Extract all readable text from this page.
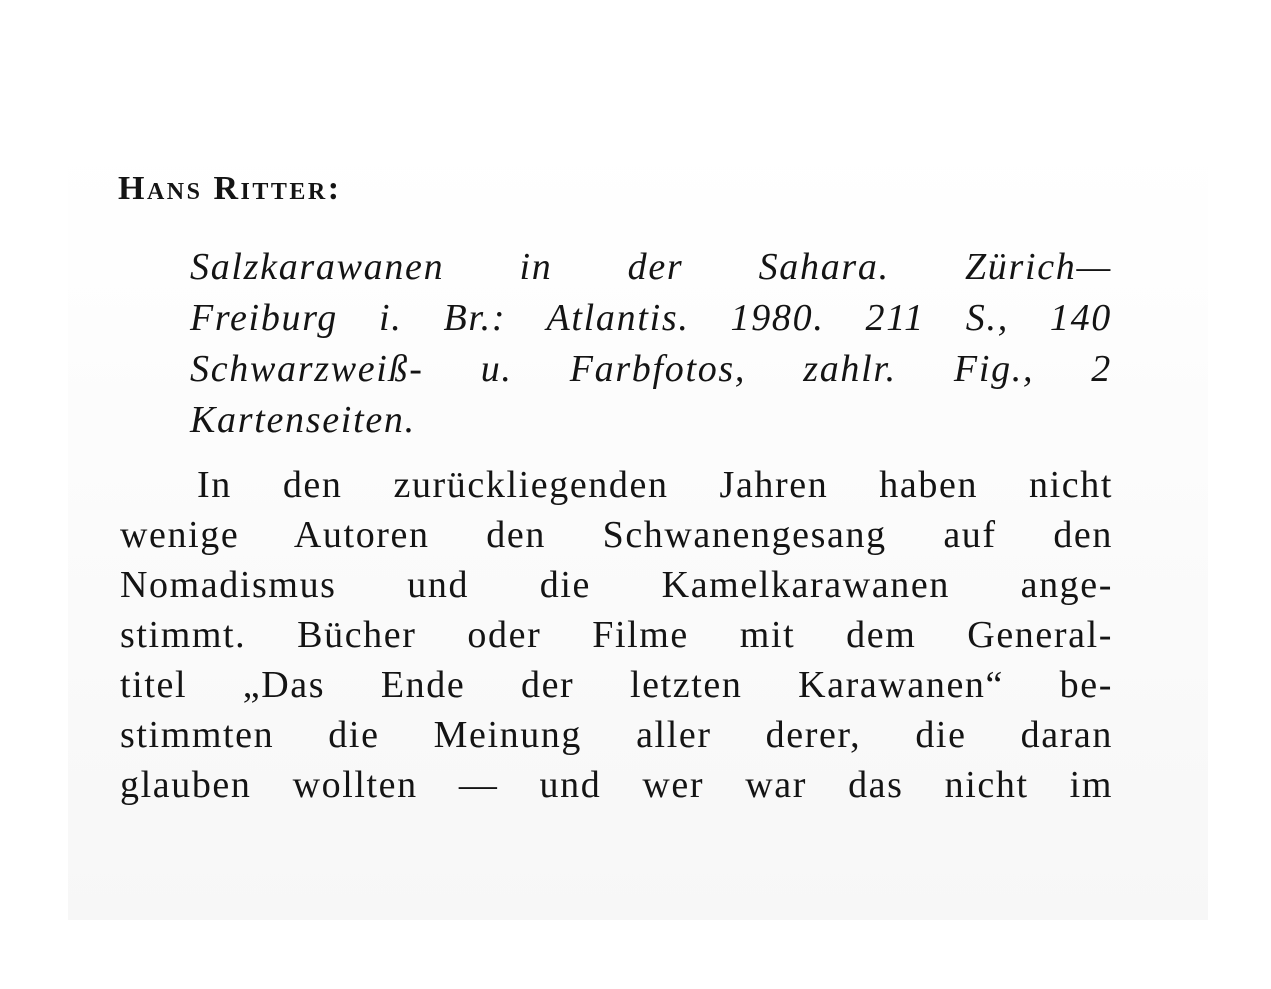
Hans Ritter:

Salzkarawanen in der Sahara. Zürich—
Freiburg i. Br.: Atlantis. 1980. 211 S., 140
Schwarzweiß- u. Farbfotos, zahlr. Fig., 2
Kartenseiten.

In den zurückliegenden Jahren haben nicht
wenige Autoren den Schwanengesang auf den
Nomadismus und die Kamelkarawanen ange-
stimmt. Bücher oder Filme mit dem General-
titel „Das Ende der letzten Karawanen“ be-
stimmten die Meinung aller derer, die daran
glauben wollten — und wer war das nicht im
